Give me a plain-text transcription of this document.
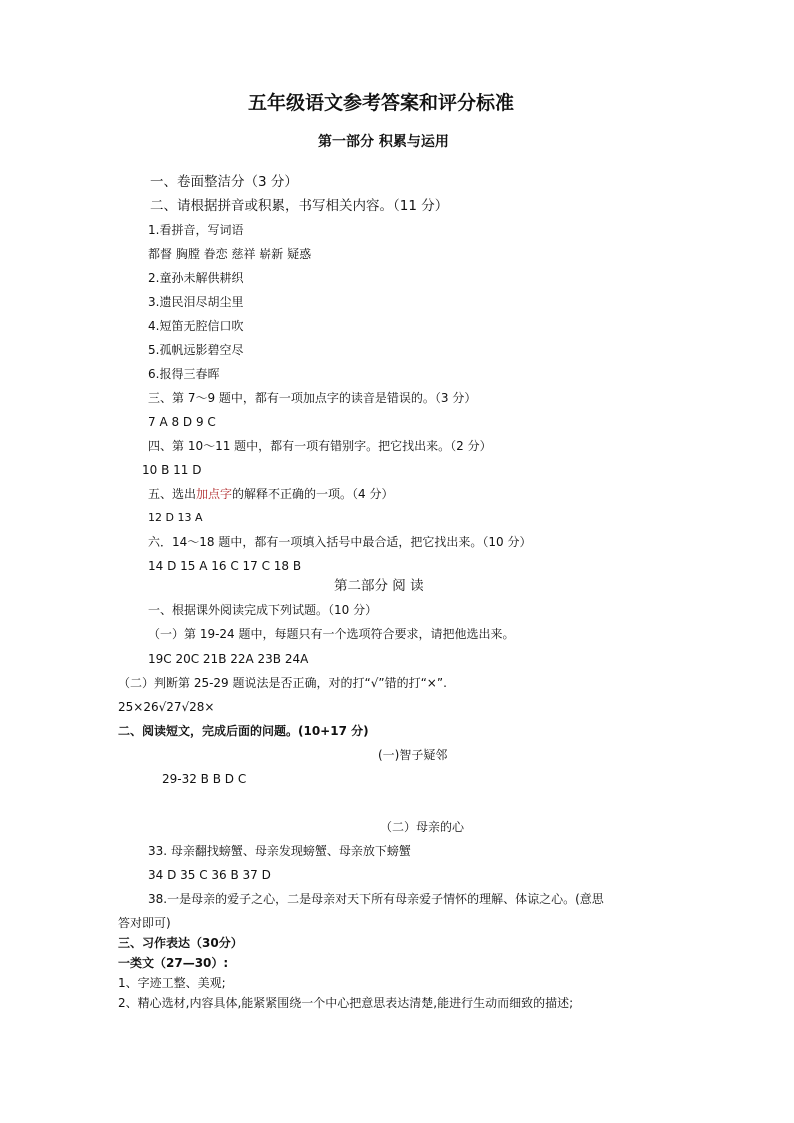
五年级语文参考答案和评分标准
第一部分 积累与运用
一、卷面整洁分（3 分）
二、请根据拼音或积累，书写相关内容。（11 分）
1.看拼音，写词语
都督 胸膛 眷恋 慈祥 崭新 疑惑
2.童孙未解供耕织
3.遗民泪尽胡尘里
4.短笛无腔信口吹
5.孤帆远影碧空尽
6.报得三春晖
三、第 7～9 题中，都有一项加点字的读音是错误的。（3 分）
7 A 8 D 9 C
四、第 10～11 题中，都有一项有错别字。把它找出来。（2 分）
10 B 11 D
五、选出加点字的解释不正确的一项。（4 分）
12 D 13 A
六．14～18 题中，都有一项填入括号中最合适，把它找出来。（10 分）
14 D 15 A 16 C 17 C 18 B
第二部分 阅 读
一、根据课外阅读完成下列试题。（10 分）
（一）第 19-24 题中，每题只有一个选项符合要求，请把他选出来。
19C 20C 21B 22A 23B 24A
（二）判断第 25-29 题说法是否正确，对的打“√”错的打“×”.
25×26√27√28×
二、阅读短文，完成后面的问题。(10+17 分)
(一)智子疑邻
29-32 B B D C
（二）母亲的心
33. 母亲翻找螃蟹、母亲发现螃蟹、母亲放下螃蟹
34 D 35 C 36 B 37 D
38.一是母亲的爱子之心，二是母亲对天下所有母亲爱子情怀的理解、体谅之心。(意思
答对即可)
三、习作表达（30分）
一类文（27—30）:
1、字迹工整、美观;
2、精心选材,内容具体,能紧紧围绕一个中心把意思表达清楚,能进行生动而细致的描述;
